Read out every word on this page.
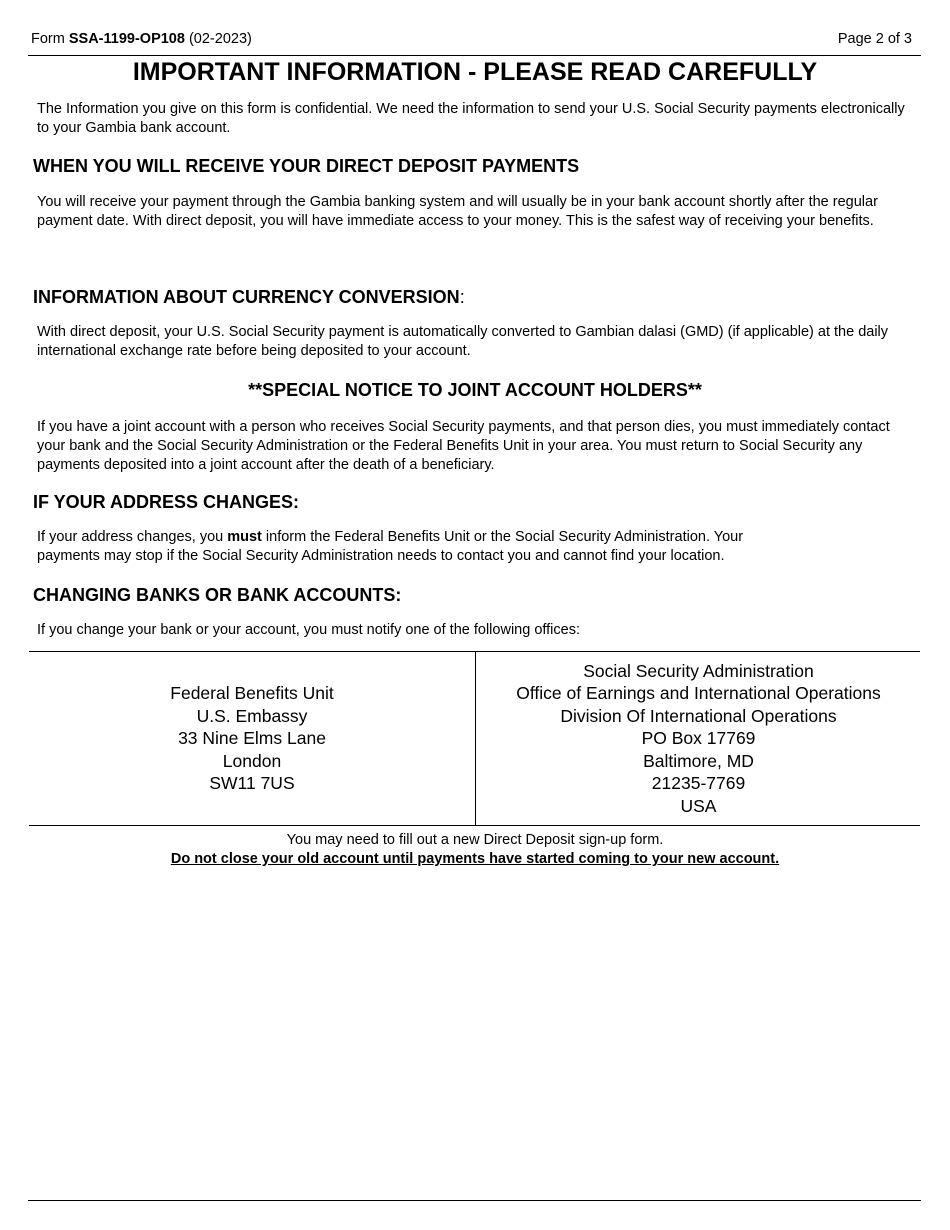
Form SSA-1199-OP108 (02-2023)	Page 2 of 3
IMPORTANT INFORMATION - PLEASE READ CAREFULLY
The Information you give on this form is confidential. We need the information to send your U.S. Social Security payments electronically to your Gambia bank account.
WHEN YOU WILL RECEIVE YOUR DIRECT DEPOSIT PAYMENTS
You will receive your payment through the Gambia banking system and will usually be in your bank account shortly after the regular payment date. With direct deposit, you will have immediate access to your money. This is the safest way of receiving your benefits.
INFORMATION ABOUT CURRENCY CONVERSION:
With direct deposit, your U.S. Social Security payment is automatically converted to Gambian dalasi (GMD) (if applicable) at the daily international exchange rate before being deposited to your account.
**SPECIAL NOTICE TO JOINT ACCOUNT HOLDERS**
If you have a joint account with a person who receives Social Security payments, and that person dies, you must immediately contact your bank and the Social Security Administration or the Federal Benefits Unit in your area. You must return to Social Security any payments deposited into a joint account after the death of a beneficiary.
IF YOUR ADDRESS CHANGES:
If your address changes, you must inform the Federal Benefits Unit or the Social Security Administration. Your payments may stop if the Social Security Administration needs to contact you and cannot find your location.
CHANGING BANKS OR BANK ACCOUNTS:
If you change your bank or your account, you must notify one of the following offices:
Federal Benefits Unit
U.S. Embassy
33 Nine Elms Lane
London
SW11 7US
Social Security Administration
Office of Earnings and International Operations
Division Of International Operations
PO Box 17769
Baltimore, MD
21235-7769
USA
You may need to fill out a new Direct Deposit sign-up form.
Do not close your old account until payments have started coming to your new account.
